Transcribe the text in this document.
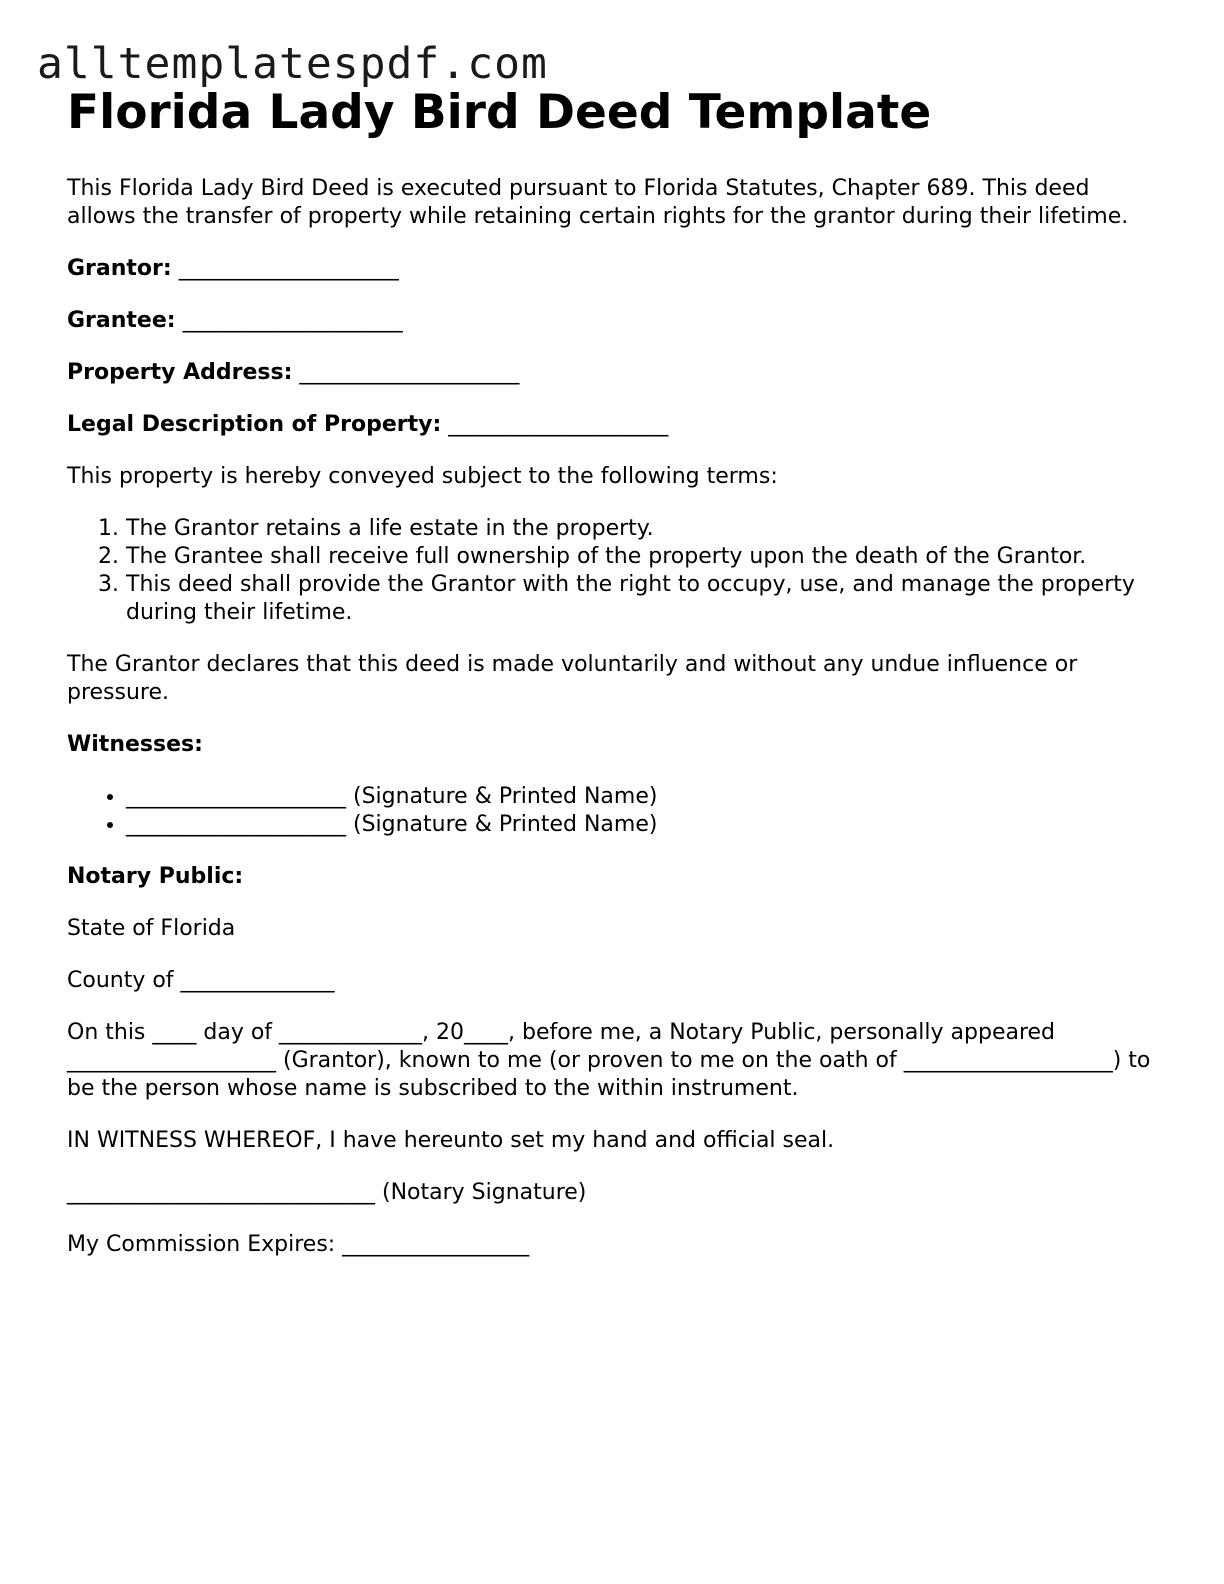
alltemplatespdf.com
Florida Lady Bird Deed Template

This Florida Lady Bird Deed is executed pursuant to Florida Statutes, Chapter 689. This deed allows the transfer of property while retaining certain rights for the grantor during their lifetime.

Grantor: ____________________

Grantee: ____________________

Property Address: ____________________

Legal Description of Property: ____________________

This property is hereby conveyed subject to the following terms:

1. The Grantor retains a life estate in the property.
2. The Grantee shall receive full ownership of the property upon the death of the Grantor.
3. This deed shall provide the Grantor with the right to occupy, use, and manage the property during their lifetime.

The Grantor declares that this deed is made voluntarily and without any undue influence or pressure.

Witnesses:

• ____________________ (Signature & Printed Name)
• ____________________ (Signature & Printed Name)

Notary Public:

State of Florida

County of ______________

On this ____ day of _____________, 20____, before me, a Notary Public, personally appeared ___________________ (Grantor), known to me (or proven to me on the oath of ___________________) to be the person whose name is subscribed to the within instrument.

IN WITNESS WHEREOF, I have hereunto set my hand and official seal.

____________________________ (Notary Signature)

My Commission Expires: _________________
